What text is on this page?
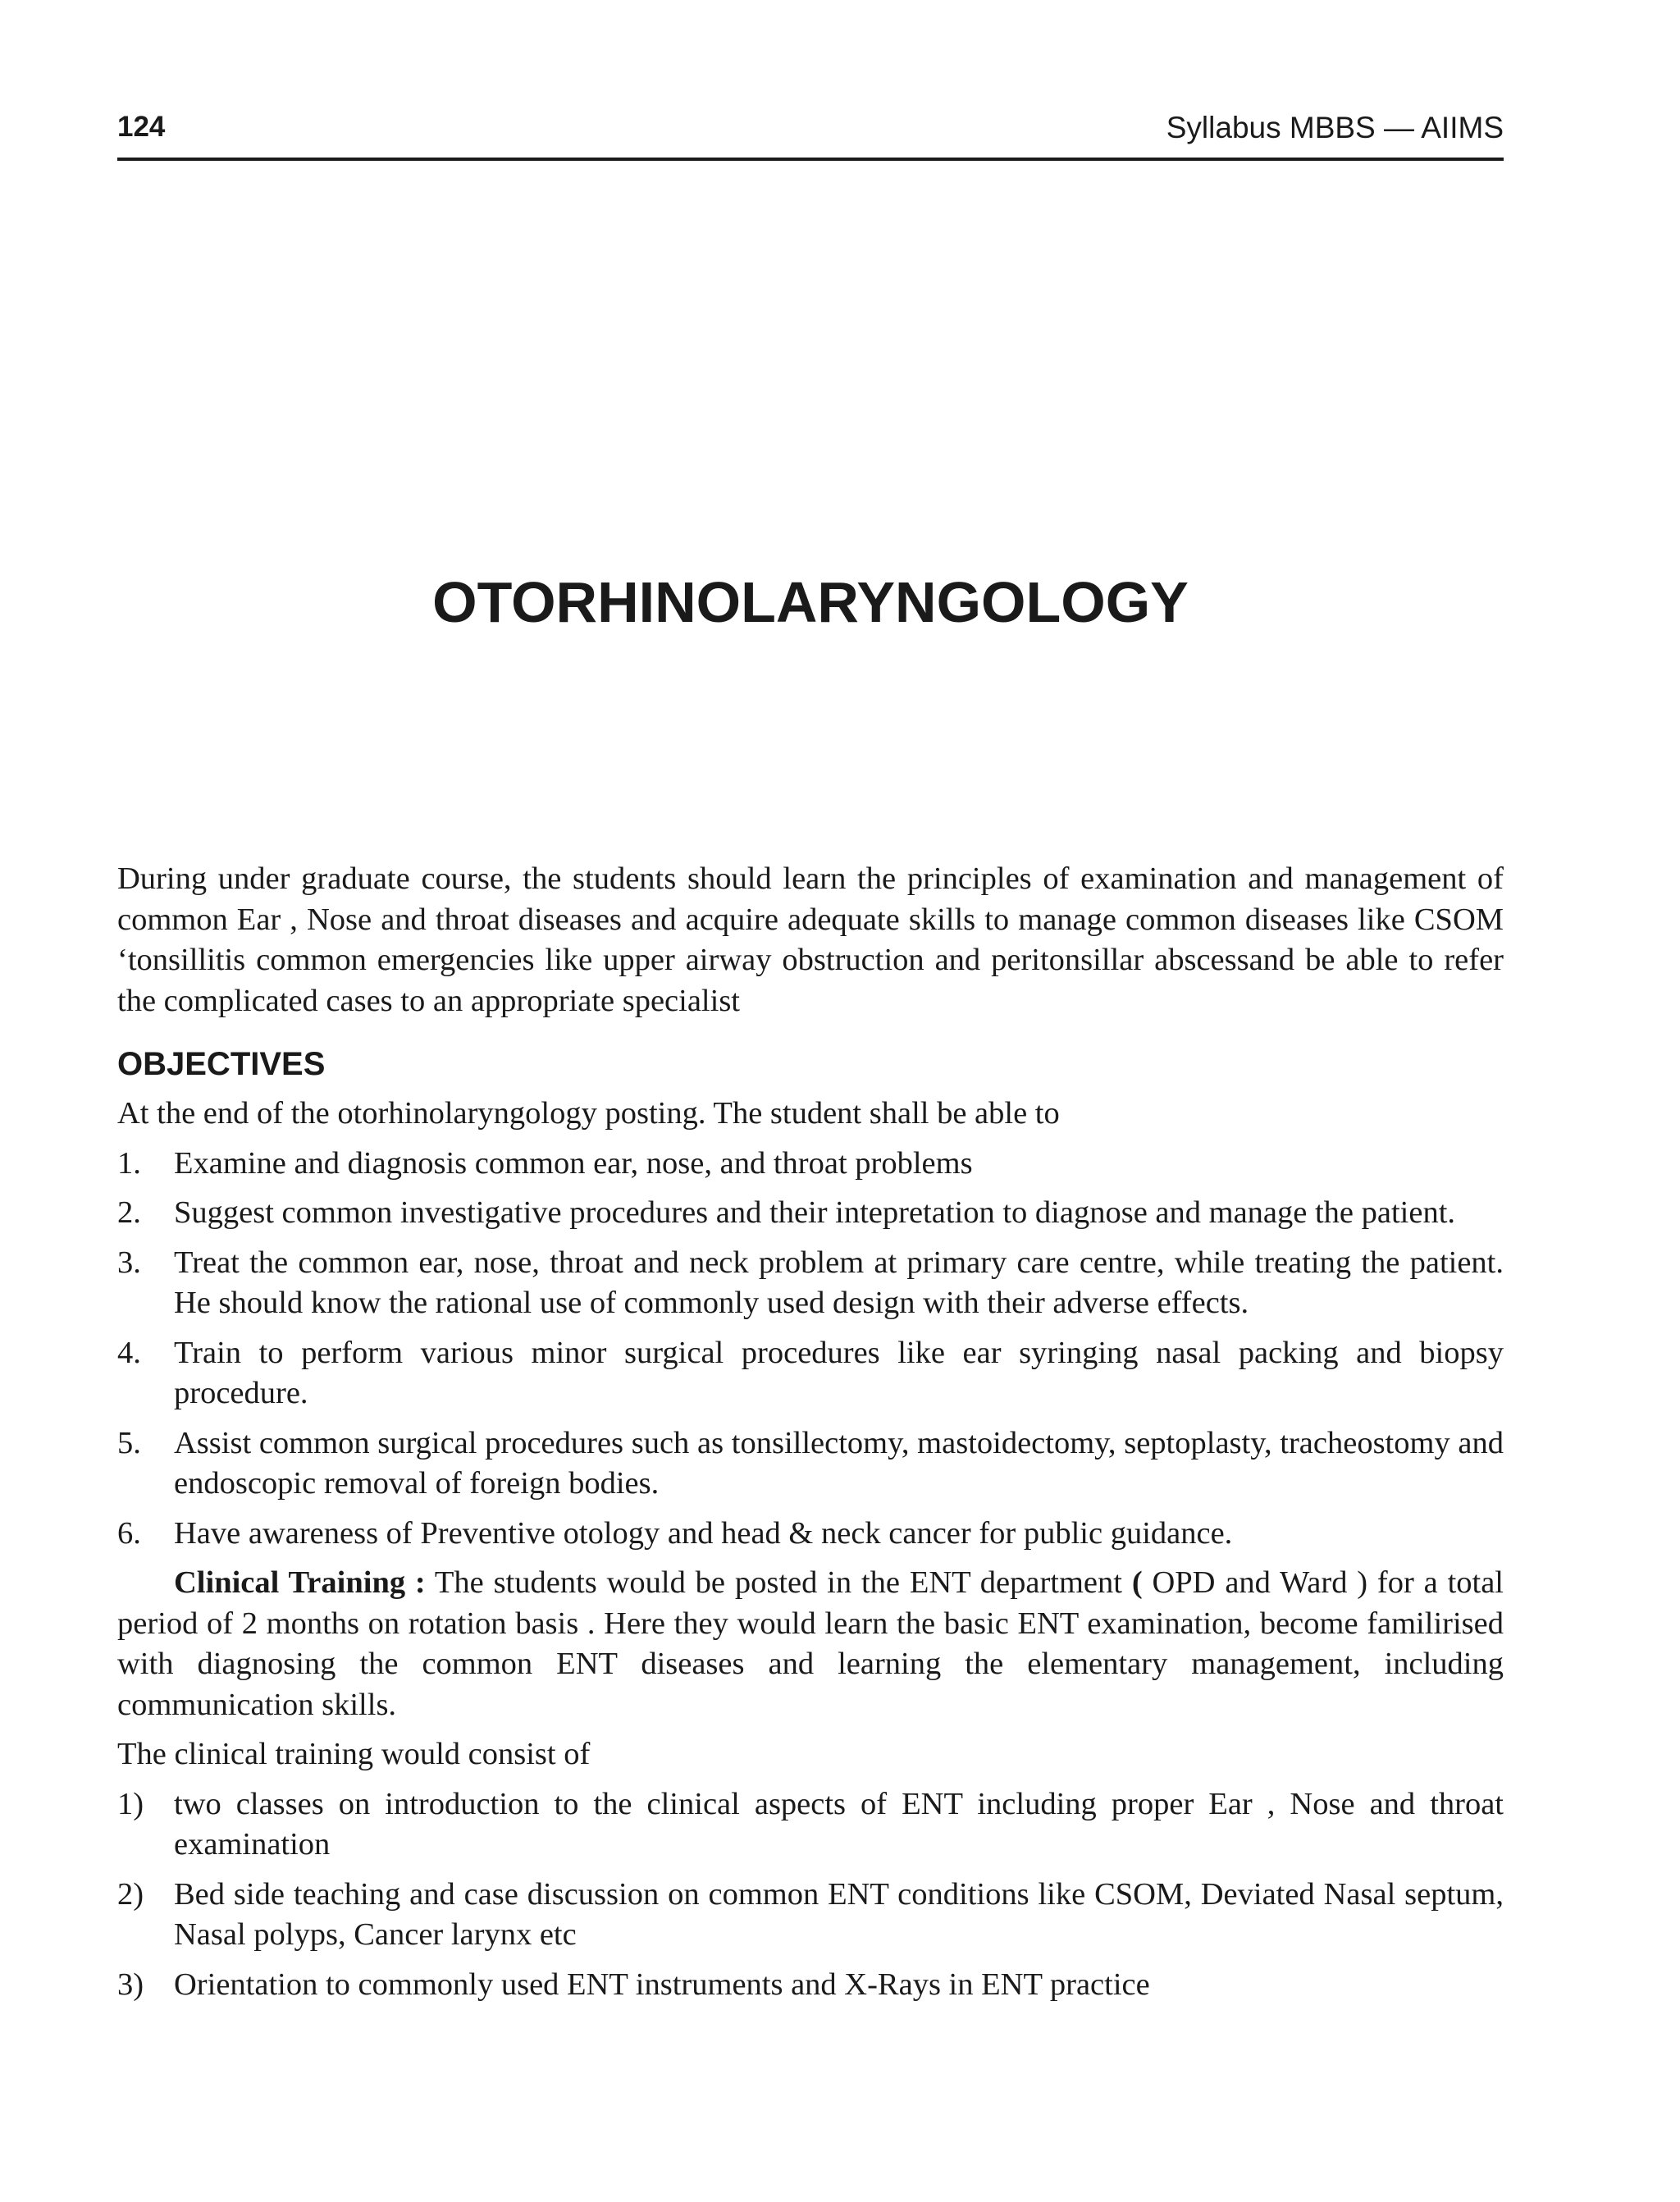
124	Syllabus MBBS — AIIMS
OTORHINOLARYNGOLOGY

During under graduate course, the students should learn the principles of examination and management of common Ear , Nose and throat diseases and acquire adequate skills to manage common diseases like CSOM ‘tonsillitis common emergencies like upper airway obstruction and peritonsillar abscessand be able to refer the complicated cases to an appropriate specialist

OBJECTIVES

At the end of the otorhinolaryngology posting. The student shall be able to

1. Examine and diagnosis common ear, nose, and throat problems
2. Suggest common investigative procedures and their intepretation to diagnose and manage the patient.
3. Treat the common ear, nose, throat and neck problem at primary care centre, while treating the patient. He should know the rational use of commonly used design with their adverse effects.
4. Train to perform various minor surgical procedures like ear syringing nasal packing and biopsy procedure.
5. Assist common surgical procedures such as tonsillectomy, mastoidectomy, septoplasty, tracheostomy and endoscopic removal of foreign bodies.
6. Have awareness of Preventive otology and head & neck cancer for public guidance.

Clinical Training : The students would be posted in the ENT department ( OPD and Ward ) for a total period of 2 months on rotation basis . Here they would learn the basic ENT examination, become familirised with diagnosing the common ENT diseases and learning the elementary management, including communication skills.

The clinical training would consist of

1) two classes on introduction to the clinical aspects of ENT including proper Ear , Nose and throat examination
2) Bed side teaching and case discussion on common ENT conditions like CSOM, Deviated Nasal septum, Nasal polyps, Cancer larynx etc
3) Orientation to commonly used ENT instruments and X-Rays in ENT practice
